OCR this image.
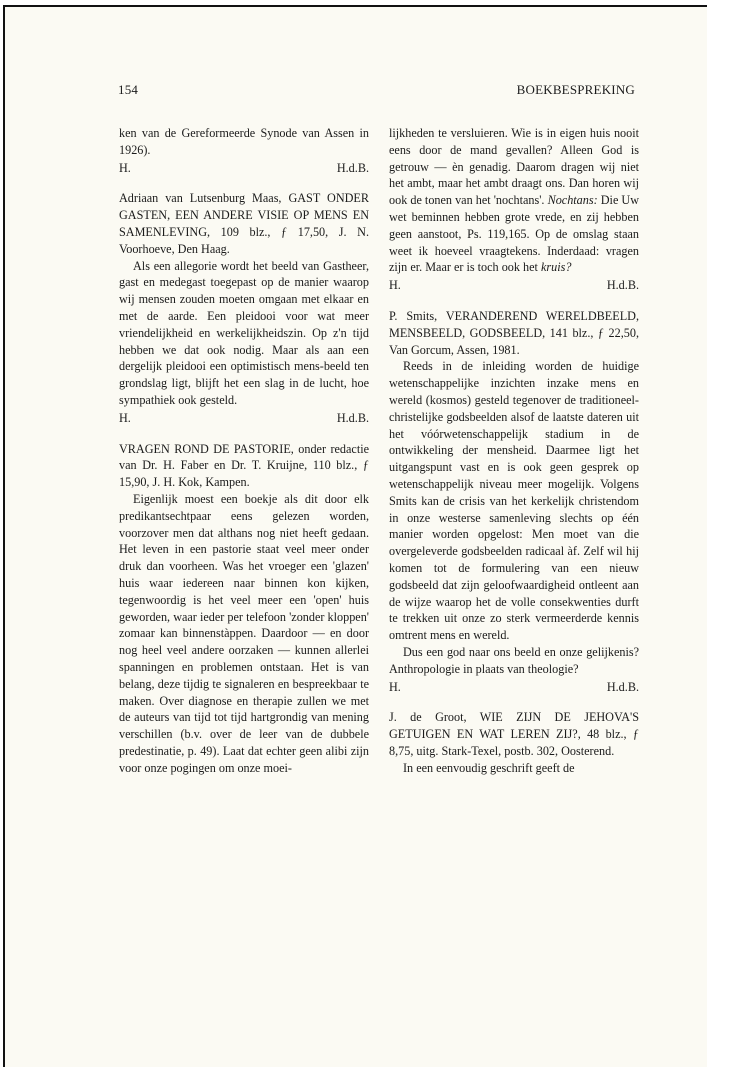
154	BOEKBESPREKING

ken van de Gereformeerde Synode van Assen in 1926).

H.	H.d.B.

Adriaan van Lutsenburg Maas, GAST ONDER GASTEN, EEN ANDERE VISIE OP MENS EN SAMENLEVING, 109 blz., ƒ 17,50, J. N. Voorhoeve, Den Haag.

Als een allegorie wordt het beeld van Gastheer, gast en medegast toegepast op de manier waarop wij mensen zouden moeten omgaan met elkaar en met de aarde. Een pleidooi voor wat meer vriendelijkheid en werkelijkheidszin. Op z'n tijd hebben we dat ook nodig. Maar als aan een dergelijk pleidooi een optimistisch mens-beeld ten grondslag ligt, blijft het een slag in de lucht, hoe sympathiek ook gesteld.

H.	H.d.B.

VRAGEN ROND DE PASTORIE, onder redactie van Dr. H. Faber en Dr. T. Kruijne, 110 blz., ƒ 15,90, J. H. Kok, Kampen.

Eigenlijk moest een boekje als dit door elk predikantsechtpaar eens gelezen worden, voorzover men dat althans nog niet heeft gedaan. Het leven in een pastorie staat veel meer onder druk dan voorheen. Was het vroeger een 'glazen' huis waar iedereen naar binnen kon kijken, tegenwoordig is het veel meer een 'open' huis geworden, waar ieder per telefoon 'zonder kloppen' zomaar kan binnenstàppen. Daardoor — en door nog heel veel andere oorzaken — kunnen allerlei spanningen en problemen ontstaan. Het is van belang, deze tijdig te signaleren en bespreekbaar te maken. Over diagnose en therapie zullen we met de auteurs van tijd tot tijd hartgrondig van mening verschillen (b.v. over de leer van de dubbele predestinatie, p. 49). Laat dat echter geen alibi zijn voor onze pogingen om onze moei-

lijkheden te versluieren. Wie is in eigen huis nooit eens door de mand gevallen? Alleen God is getrouw — èn genadig. Daarom dragen wij niet het ambt, maar het ambt draagt ons. Dan horen wij ook de tonen van het 'nochtans'. Nochtans: Die Uw wet beminnen hebben grote vrede, en zij hebben geen aanstoot, Ps. 119,165. Op de omslag staan weet ik hoeveel vraagtekens. Inderdaad: vragen zijn er. Maar er is toch ook het kruis?

H.	H.d.B.

P. Smits, VERANDEREND WERELDBEELD, MENSBEELD, GODSBEELD, 141 blz., ƒ 22,50, Van Gorcum, Assen, 1981.

Reeds in de inleiding worden de huidige wetenschappelijke inzichten inzake mens en wereld (kosmos) gesteld tegenover de traditioneel-christelijke godsbeelden alsof de laatste dateren uit het vóórwetenschappelijk stadium in de ontwikkeling der mensheid. Daarmee ligt het uitgangspunt vast en is ook geen gesprek op wetenschappelijk niveau meer mogelijk. Volgens Smits kan de crisis van het kerkelijk christendom in onze westerse samenleving slechts op één manier worden opgelost: Men moet van die overgeleverde godsbeelden radicaal àf. Zelf wil hij komen tot de formulering van een nieuw godsbeeld dat zijn geloofwaardigheid ontleent aan de wijze waarop het de volle consekwenties durft te trekken uit onze zo sterk vermeerderde kennis omtrent mens en wereld.

Dus een god naar ons beeld en onze gelijkenis? Anthropologie in plaats van theologie?

H.	H.d.B.

J. de Groot, WIE ZIJN DE JEHOVA'S GETUIGEN EN WAT LEREN ZIJ?, 48 blz., ƒ 8,75, uitg. Stark-Texel, postb. 302, Oosterend.

In een eenvoudig geschrift geeft de
